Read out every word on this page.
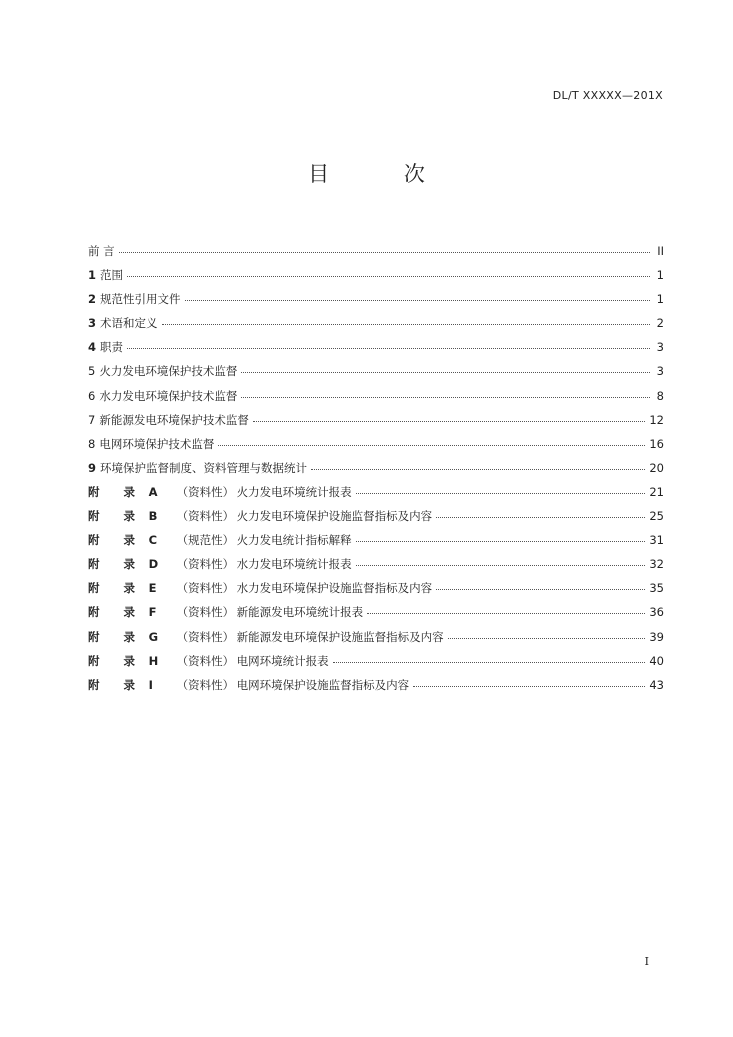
DL/T XXXXX—201X
目 次
前 言	II
1 范围	1
2 规范性引用文件	1
3 术语和定义	2
4 职责	3
5 火力发电环境保护技术监督	3
6 水力发电环境保护技术监督	8
7 新能源发电环境保护技术监督	12
8 电网环境保护技术监督	16
9 环境保护监督制度、资料管理与数据统计	20
附 录 A （资料性） 火力发电环境统计报表	21
附 录 B （资料性） 火力发电环境保护设施监督指标及内容	25
附 录 C （规范性） 火力发电统计指标解释	31
附 录 D （资料性） 水力发电环境统计报表	32
附 录 E （资料性） 水力发电环境保护设施监督指标及内容	35
附 录 F （资料性） 新能源发电环境统计报表	36
附 录 G （资料性） 新能源发电环境保护设施监督指标及内容	39
附 录 H （资料性） 电网环境统计报表	40
附 录 I （资料性） 电网环境保护设施监督指标及内容	43
I
